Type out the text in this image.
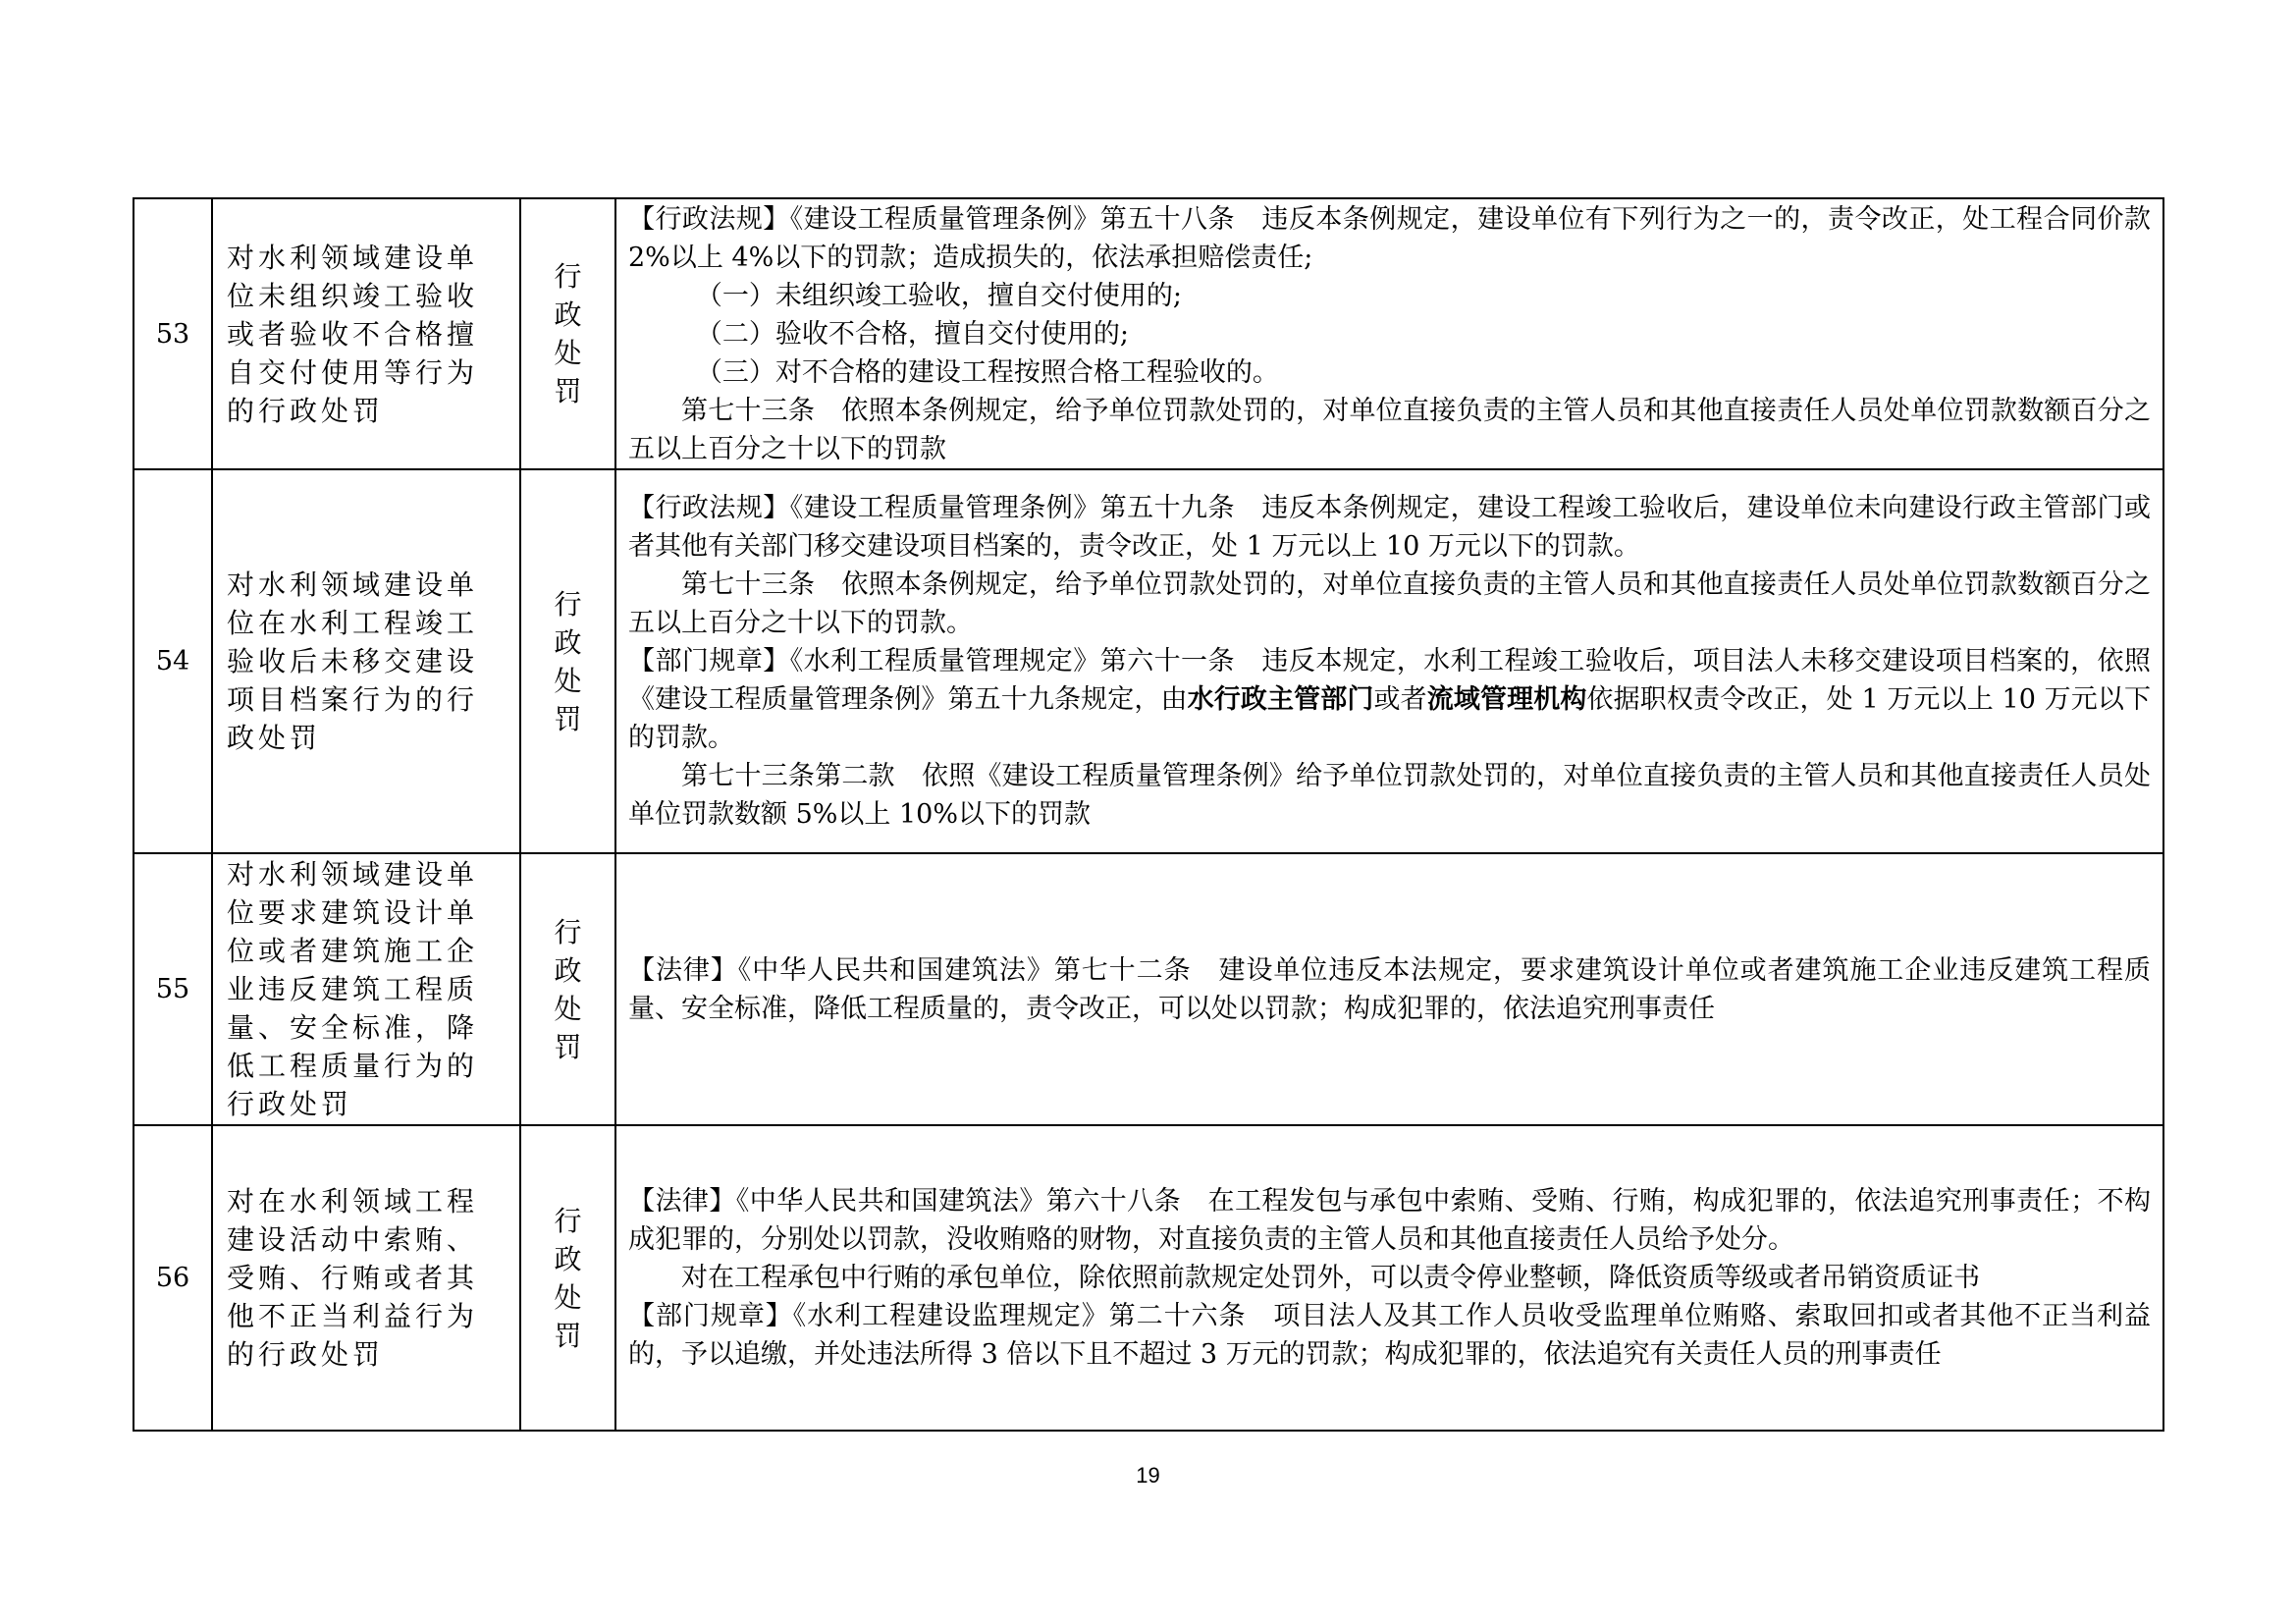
53	对水利领域建设单位未组织竣工验收或者验收不合格擅自交付使用等行为的行政处罚	行政处罚	【行政法规】《建设工程质量管理条例》第五十八条　违反本条例规定，建设单位有下列行为之一的，责令改正，处工程合同价款 2%以上 4%以下的罚款；造成损失的，依法承担赔偿责任;

（一）未组织竣工验收，擅自交付使用的;

（二）验收不合格，擅自交付使用的;

（三）对不合格的建设工程按照合格工程验收的。

第七十三条　依照本条例规定，给予单位罚款处罚的，对单位直接负责的主管人员和其他直接责任人员处单位罚款数额百分之五以上百分之十以下的罚款

54	对水利领域建设单位在水利工程竣工验收后未移交建设项目档案行为的行政处罚	行政处罚	【行政法规】《建设工程质量管理条例》第五十九条　违反本条例规定，建设工程竣工验收后，建设单位未向建设行政主管部门或者其他有关部门移交建设项目档案的，责令改正，处 1 万元以上 10 万元以下的罚款。

第七十三条　依照本条例规定，给予单位罚款处罚的，对单位直接负责的主管人员和其他直接责任人员处单位罚款数额百分之五以上百分之十以下的罚款。

【部门规章】《水利工程质量管理规定》第六十一条　违反本规定，水利工程竣工验收后，项目法人未移交建设项目档案的，依照《建设工程质量管理条例》第五十九条规定，由水行政主管部门或者流域管理机构依据职权责令改正，处 1 万元以上 10 万元以下的罚款。

第七十三条第二款　依照《建设工程质量管理条例》给予单位罚款处罚的，对单位直接负责的主管人员和其他直接责任人员处单位罚款数额 5%以上 10%以下的罚款

55	对水利领域建设单位要求建筑设计单位或者建筑施工企业违反建筑工程质量、安全标准，降低工程质量行为的行政处罚	行政处罚	【法律】《中华人民共和国建筑法》第七十二条　建设单位违反本法规定，要求建筑设计单位或者建筑施工企业违反建筑工程质量、安全标准，降低工程质量的，责令改正，可以处以罚款；构成犯罪的，依法追究刑事责任

56	对在水利领域工程建设活动中索贿、受贿、行贿或者其他不正当利益行为的行政处罚	行政处罚	【法律】《中华人民共和国建筑法》第六十八条　在工程发包与承包中索贿、受贿、行贿，构成犯罪的，依法追究刑事责任；不构成犯罪的，分别处以罚款，没收贿赂的财物，对直接负责的主管人员和其他直接责任人员给予处分。

对在工程承包中行贿的承包单位，除依照前款规定处罚外，可以责令停业整顿，降低资质等级或者吊销资质证书

【部门规章】《水利工程建设监理规定》第二十六条　项目法人及其工作人员收受监理单位贿赂、索取回扣或者其他不正当利益的，予以追缴，并处违法所得 3 倍以下且不超过 3 万元的罚款；构成犯罪的，依法追究有关责任人员的刑事责任

19
